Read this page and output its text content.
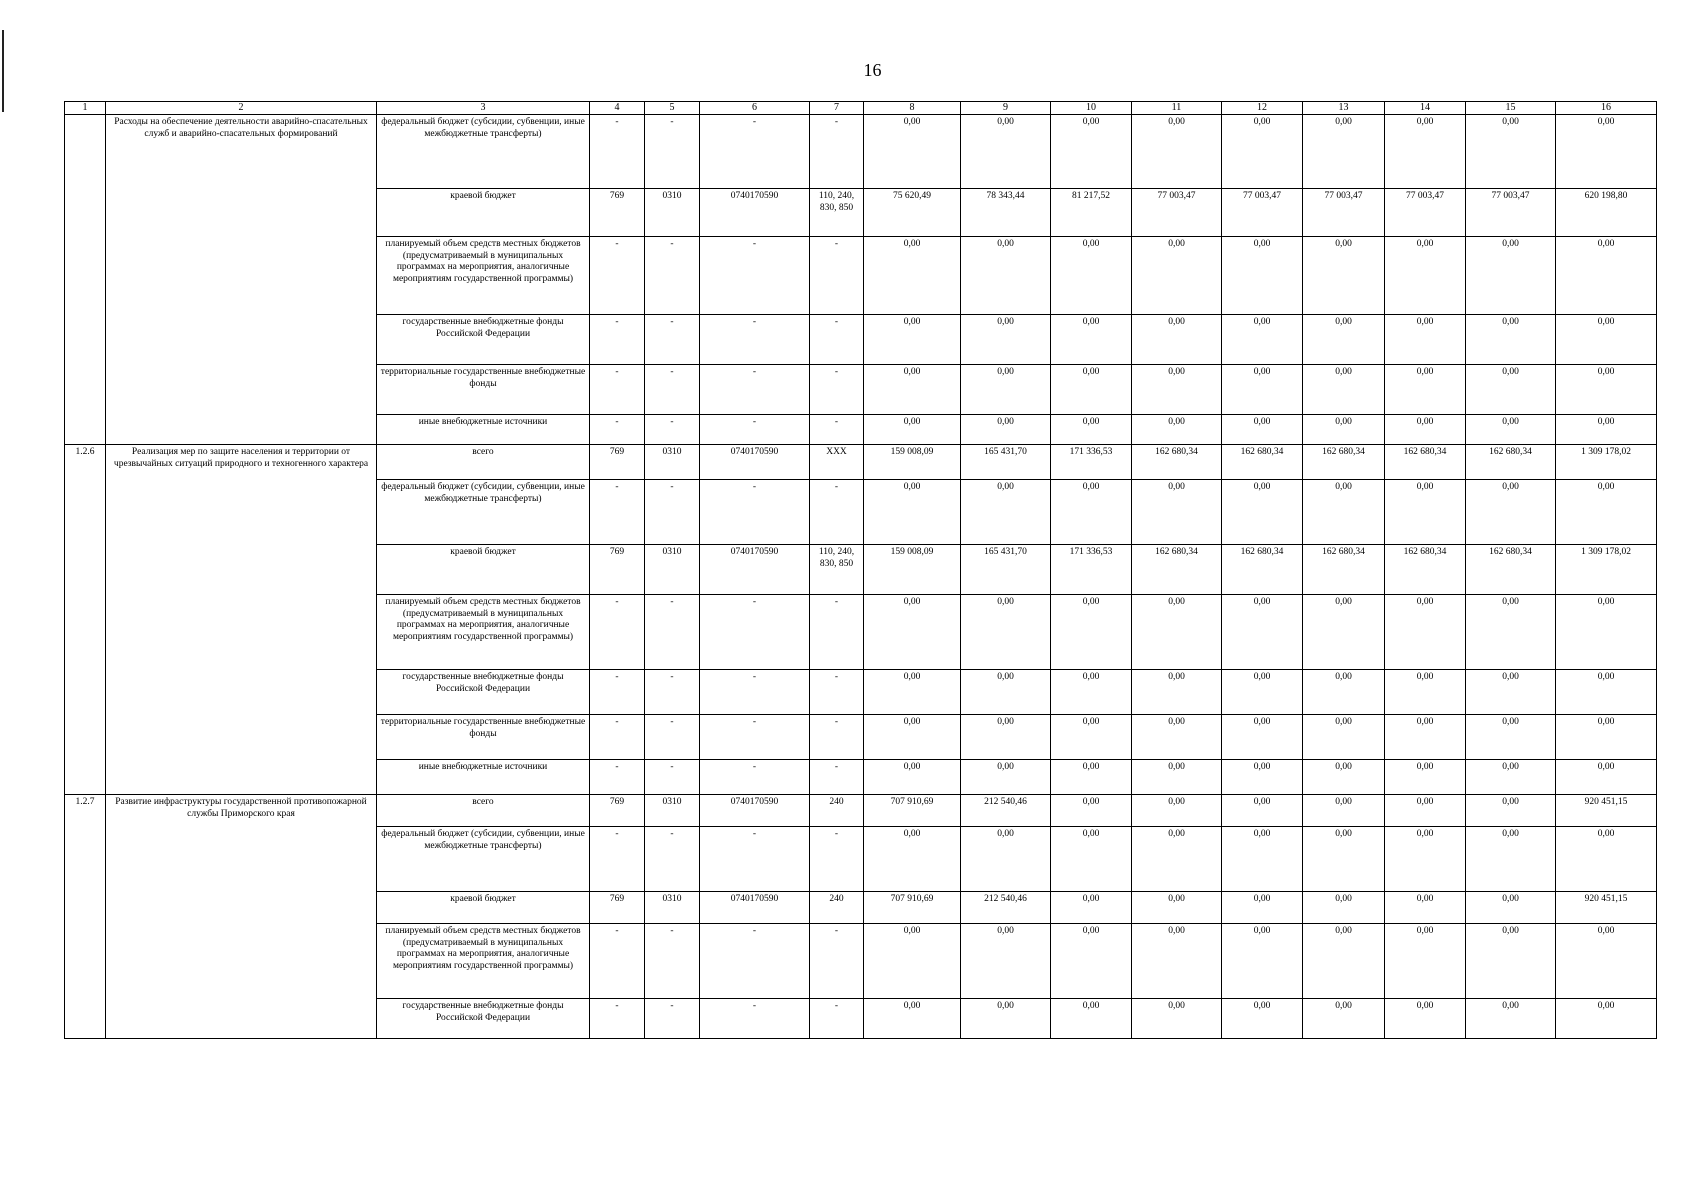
16
1	2	3	4	5	6	7	8	9	10	11	12	13	14	15	16
	Расходы на обеспечение деятельности аварийно-спасательных служб и аварийно-спасательных формирований	федеральный бюджет (субсидии, субвенции, иные межбюджетные трансферты)	-	-	-	-	0,00	0,00	0,00	0,00	0,00	0,00	0,00	0,00	0,00
		краевой бюджет	769	0310	0740170590	110, 240, 830, 850	75 620,49	78 343,44	81 217,52	77 003,47	77 003,47	77 003,47	77 003,47	77 003,47	620 198,80
		планируемый объем средств местных бюджетов (предусматриваемый в муниципальных программах на мероприятия, аналогичные мероприятиям государственной программы)	-	-	-	-	0,00	0,00	0,00	0,00	0,00	0,00	0,00	0,00	0,00
		государственные внебюджетные фонды Российской Федерации	-	-	-	-	0,00	0,00	0,00	0,00	0,00	0,00	0,00	0,00	0,00
		территориальные государственные внебюджетные фонды	-	-	-	-	0,00	0,00	0,00	0,00	0,00	0,00	0,00	0,00	0,00
		иные внебюджетные источники	-	-	-	-	0,00	0,00	0,00	0,00	0,00	0,00	0,00	0,00	0,00
1.2.6	Реализация мер по защите населения и территории от чрезвычайных ситуаций природного и техногенного характера	всего	769	0310	0740170590	XXX	159 008,09	165 431,70	171 336,53	162 680,34	162 680,34	162 680,34	162 680,34	162 680,34	1 309 178,02
		федеральный бюджет (субсидии, субвенции, иные межбюджетные трансферты)	-	-	-	-	0,00	0,00	0,00	0,00	0,00	0,00	0,00	0,00	0,00
		краевой бюджет	769	0310	0740170590	110, 240, 830, 850	159 008,09	165 431,70	171 336,53	162 680,34	162 680,34	162 680,34	162 680,34	162 680,34	1 309 178,02
		планируемый объем средств местных бюджетов (предусматриваемый в муниципальных программах на мероприятия, аналогичные мероприятиям государственной программы)	-	-	-	-	0,00	0,00	0,00	0,00	0,00	0,00	0,00	0,00	0,00
		государственные внебюджетные фонды Российской Федерации	-	-	-	-	0,00	0,00	0,00	0,00	0,00	0,00	0,00	0,00	0,00
		территориальные государственные внебюджетные фонды	-	-	-	-	0,00	0,00	0,00	0,00	0,00	0,00	0,00	0,00	0,00
		иные внебюджетные источники	-	-	-	-	0,00	0,00	0,00	0,00	0,00	0,00	0,00	0,00	0,00
1.2.7	Развитие инфраструктуры государственной противопожарной службы Приморского края	всего	769	0310	0740170590	240	707 910,69	212 540,46	0,00	0,00	0,00	0,00	0,00	0,00	920 451,15
		федеральный бюджет (субсидии, субвенции, иные межбюджетные трансферты)	-	-	-	-	0,00	0,00	0,00	0,00	0,00	0,00	0,00	0,00	0,00
		краевой бюджет	769	0310	0740170590	240	707 910,69	212 540,46	0,00	0,00	0,00	0,00	0,00	0,00	920 451,15
		планируемый объем средств местных бюджетов (предусматриваемый в муниципальных программах на мероприятия, аналогичные мероприятиям государственной программы)	-	-	-	-	0,00	0,00	0,00	0,00	0,00	0,00	0,00	0,00	0,00
		государственные внебюджетные фонды Российской Федерации	-	-	-	-	0,00	0,00	0,00	0,00	0,00	0,00	0,00	0,00	0,00
